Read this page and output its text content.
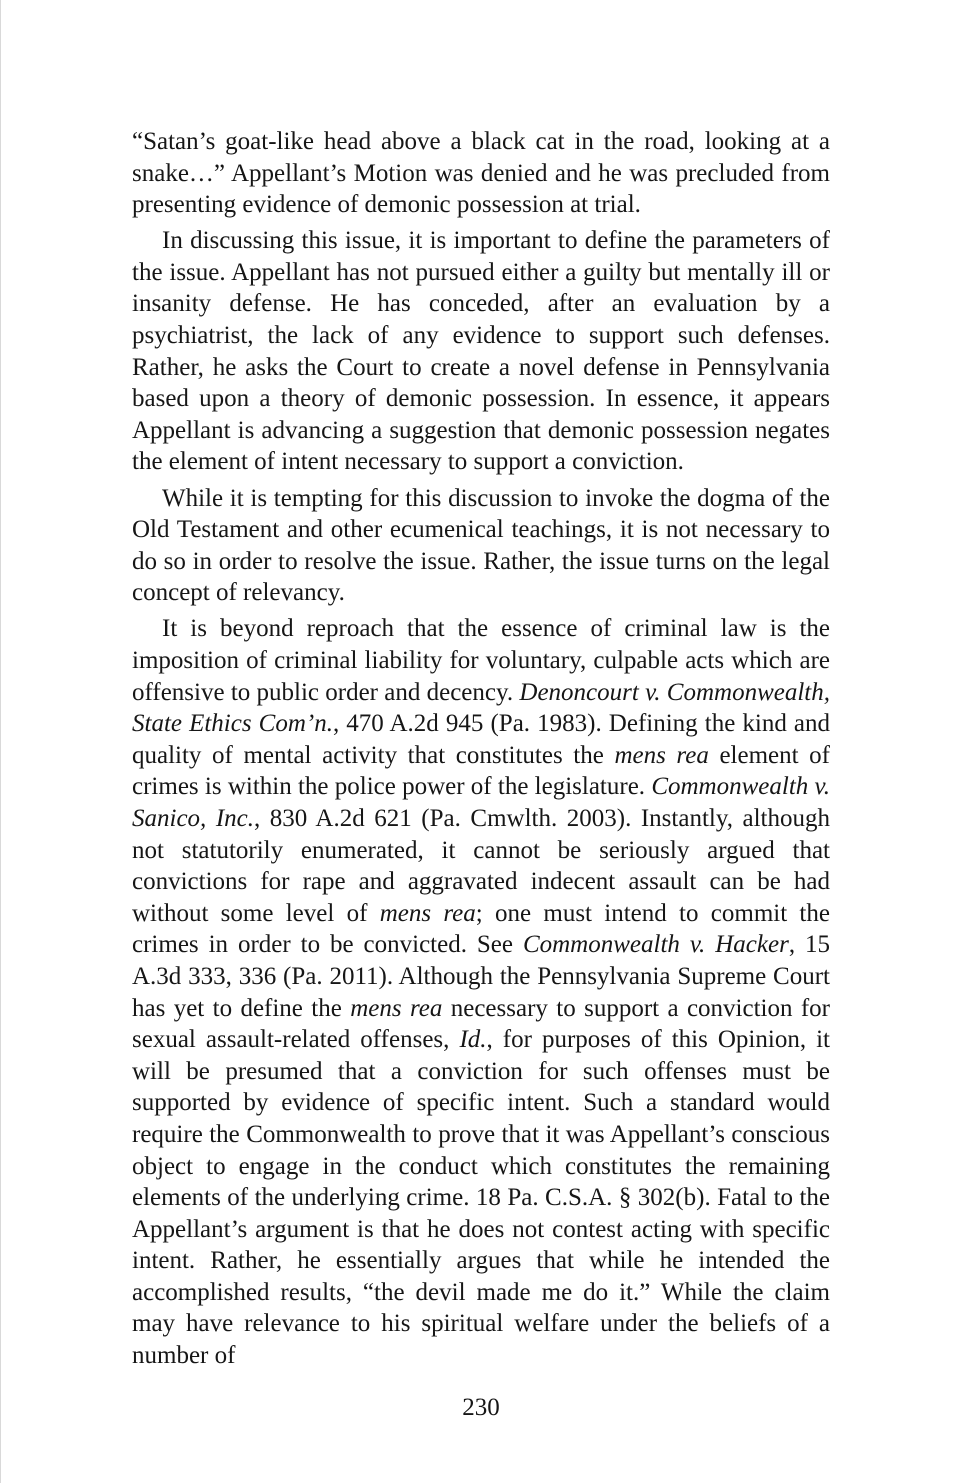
“Satan’s goat-like head above a black cat in the road, looking at a snake…” Appellant’s Motion was denied and he was precluded from presenting evidence of demonic possession at trial.

In discussing this issue, it is important to define the parameters of the issue. Appellant has not pursued either a guilty but mentally ill or insanity defense. He has conceded, after an evaluation by a psychiatrist, the lack of any evidence to support such defenses. Rather, he asks the Court to create a novel defense in Pennsylvania based upon a theory of demonic possession. In essence, it appears Appellant is advancing a suggestion that demonic possession negates the element of intent necessary to support a conviction.

While it is tempting for this discussion to invoke the dogma of the Old Testament and other ecumenical teachings, it is not necessary to do so in order to resolve the issue. Rather, the issue turns on the legal concept of relevancy.

It is beyond reproach that the essence of criminal law is the imposition of criminal liability for voluntary, culpable acts which are offensive to public order and decency. Denoncourt v. Commonwealth, State Ethics Com’n., 470 A.2d 945 (Pa. 1983). Defining the kind and quality of mental activity that constitutes the mens rea element of crimes is within the police power of the legislature. Commonwealth v. Sanico, Inc., 830 A.2d 621 (Pa. Cmwlth. 2003). Instantly, although not statutorily enumerated, it cannot be seriously argued that convictions for rape and aggravated indecent assault can be had without some level of mens rea; one must intend to commit the crimes in order to be convicted. See Commonwealth v. Hacker, 15 A.3d 333, 336 (Pa. 2011). Although the Pennsylvania Supreme Court has yet to define the mens rea necessary to support a conviction for sexual assault-related offenses, Id., for purposes of this Opinion, it will be presumed that a conviction for such offenses must be supported by evidence of specific intent. Such a standard would require the Commonwealth to prove that it was Appellant’s conscious object to engage in the conduct which constitutes the remaining elements of the underlying crime. 18 Pa. C.S.A. § 302(b). Fatal to the Appellant’s argument is that he does not contest acting with specific intent. Rather, he essentially argues that while he intended the accomplished results, “the devil made me do it.” While the claim may have relevance to his spiritual welfare under the beliefs of a number of

230
